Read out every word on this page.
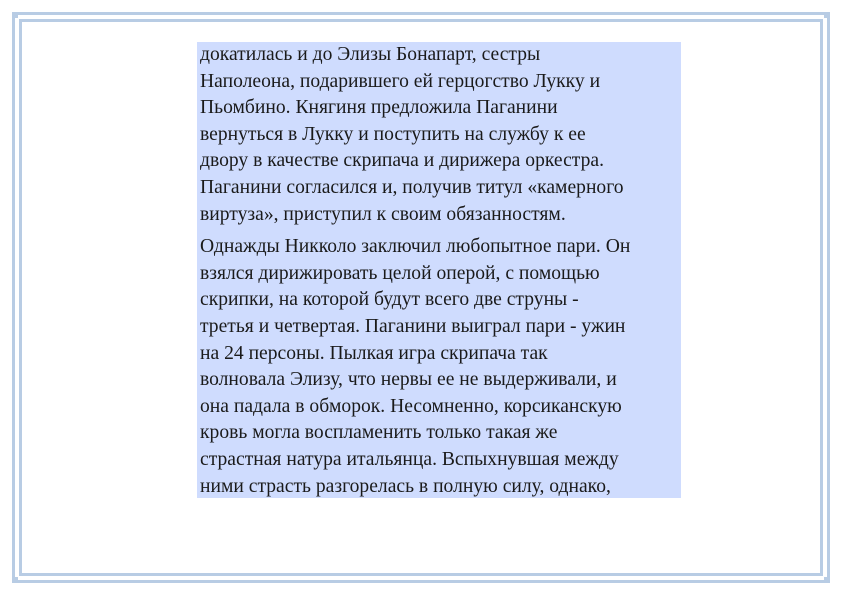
докатилась и до Элизы Бонапарт, сестры
Наполеона, подарившего ей герцогство Лукку и
Пьомбино. Княгиня предложила Паганини
вернуться в Лукку и поступить на службу к ее
двору в качестве скрипача и дирижера оркестра.
Паганини согласился и, получив титул «камерного
виртуза», приступил к своим обязанностям.

Однажды Никколо заключил любопытное пари. Он
взялся дирижировать целой оперой, с помощью
скрипки, на которой будут всего две струны -
третья и четвертая. Паганини выиграл пари - ужин
на 24 персоны. Пылкая игра скрипача так
волновала Элизу, что нервы ее не выдерживали, и
она падала в обморок. Несомненно, корсиканскую
кровь могла воспламенить только такая же
страстная натура итальянца. Вспыхнувшая между
ними страсть разгорелась в полную силу, однако,
